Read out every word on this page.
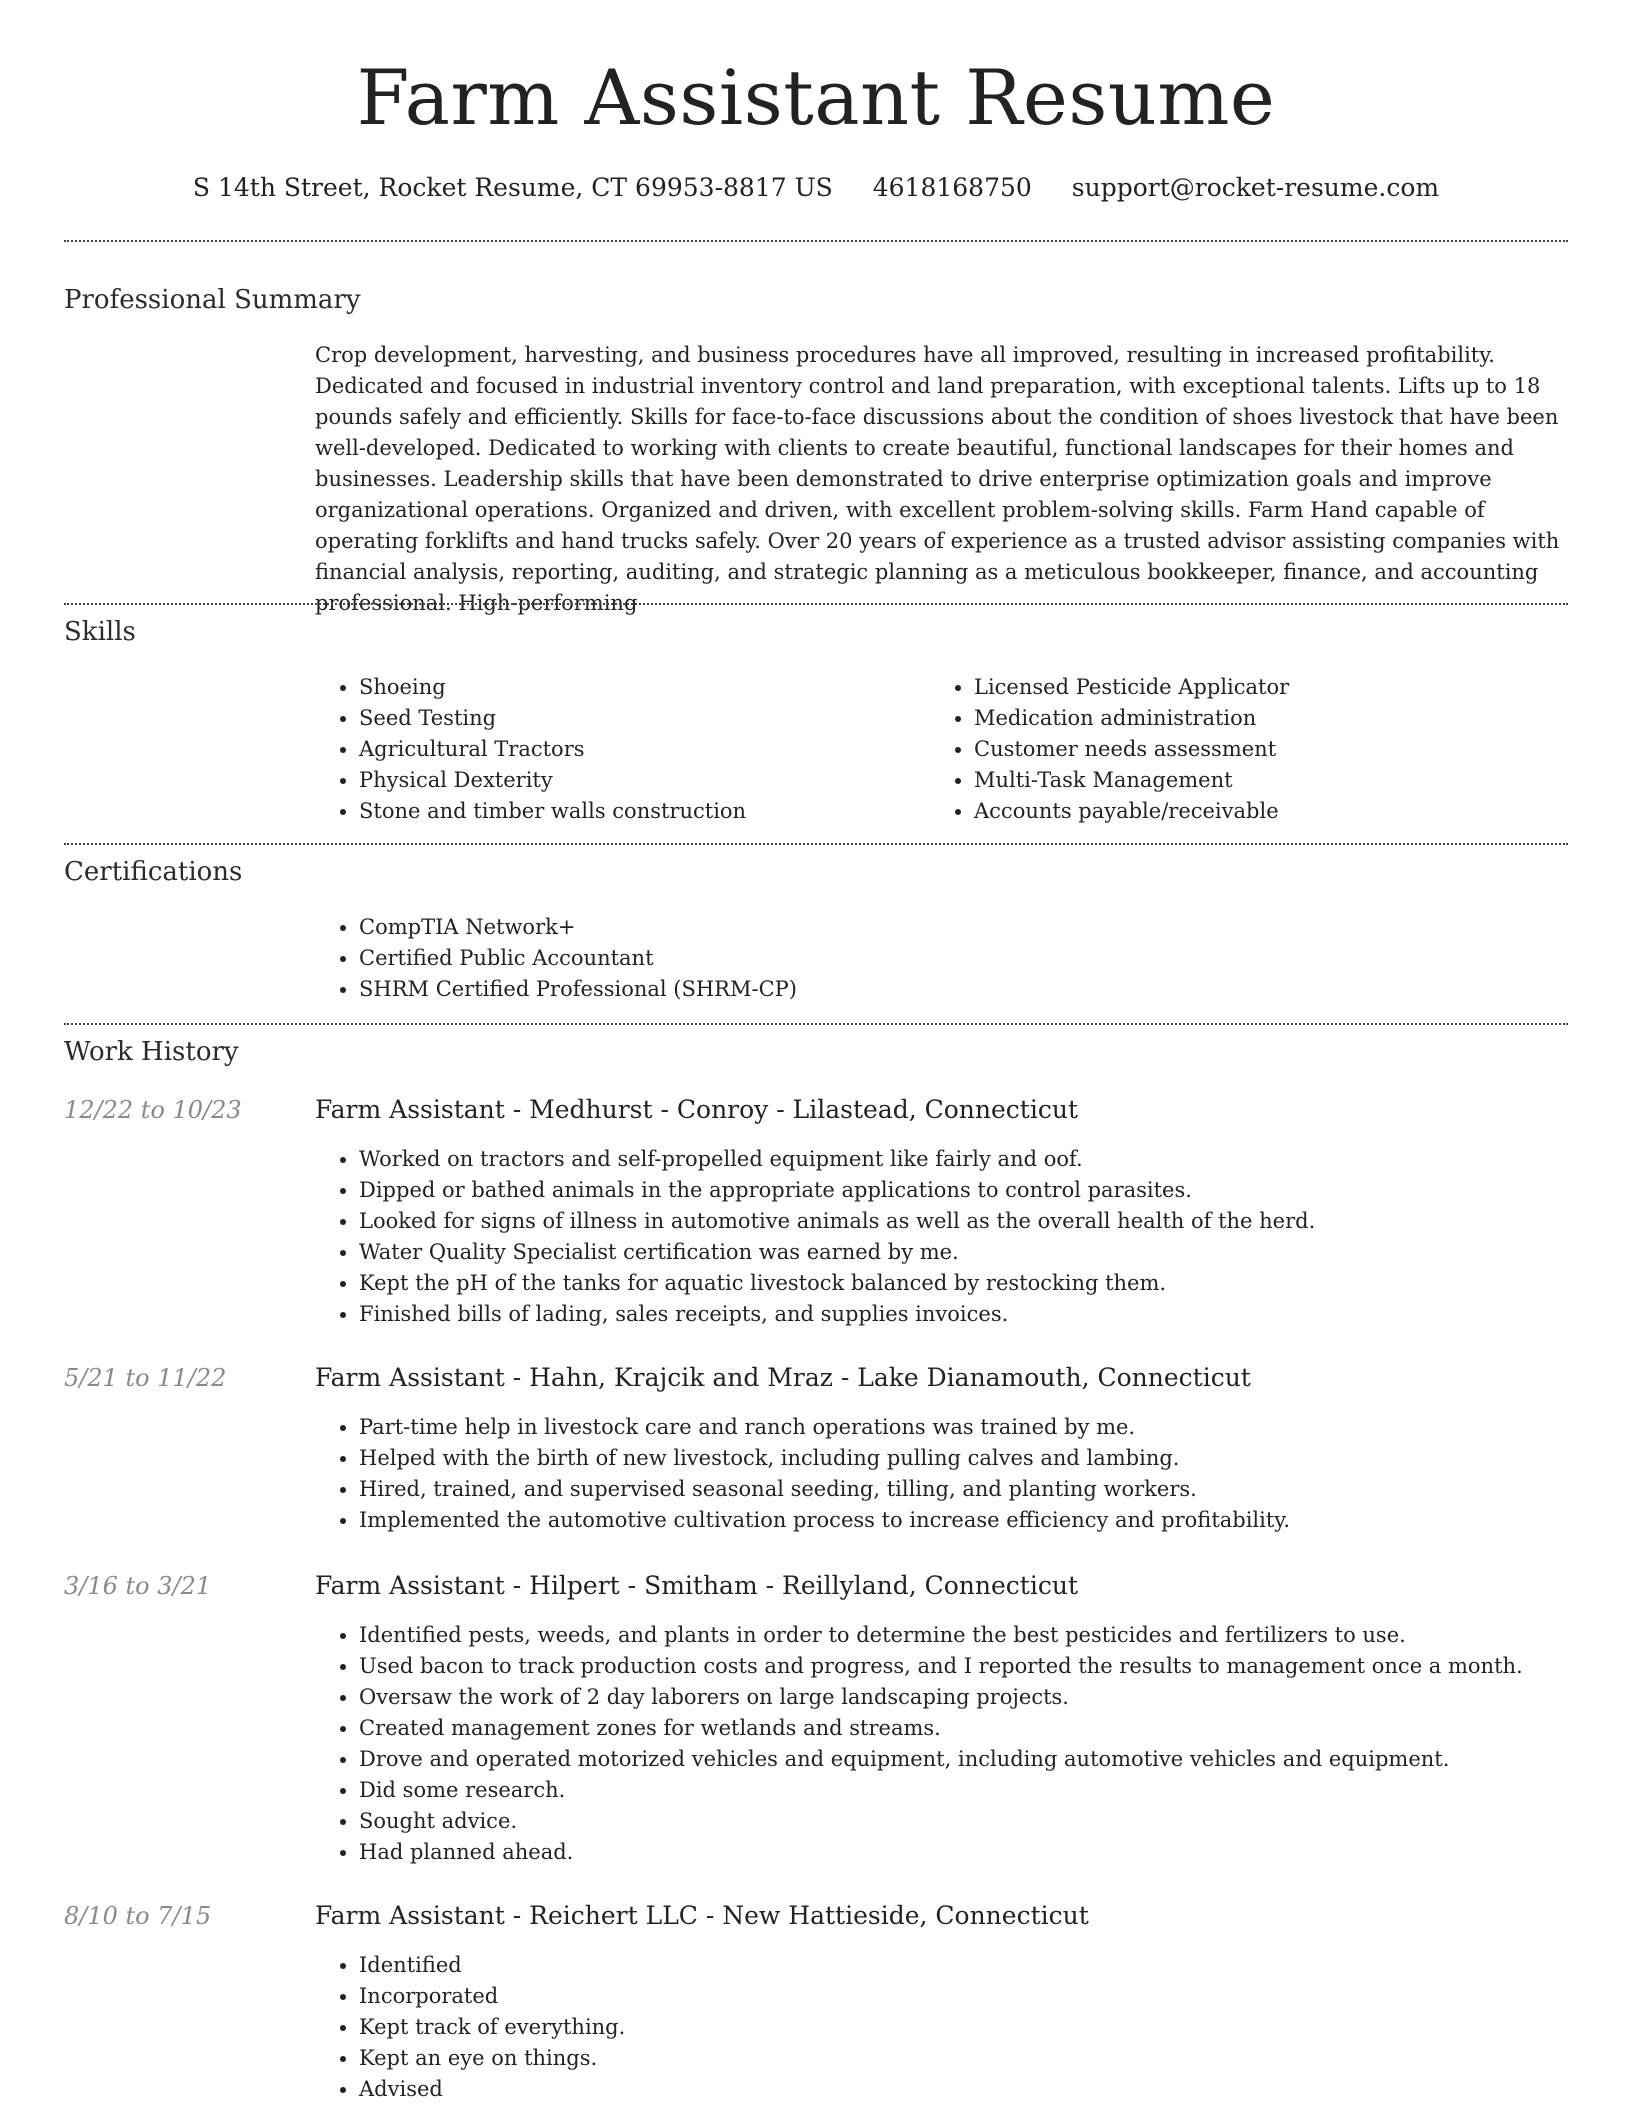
Farm Assistant Resume
S 14th Street, Rocket Resume, CT 69953-8817 US 4618168750 support@rocket-resume.com
Professional Summary

Crop development, harvesting, and business procedures have all improved, resulting in increased profitability. Dedicated and focused in industrial inventory control and land preparation, with exceptional talents. Lifts up to 18 pounds safely and efficiently. Skills for face-to-face discussions about the condition of shoes livestock that have been well-developed. Dedicated to working with clients to create beautiful, functional landscapes for their homes and businesses. Leadership skills that have been demonstrated to drive enterprise optimization goals and improve organizational operations. Organized and driven, with excellent problem-solving skills. Farm Hand capable of operating forklifts and hand trucks safely. Over 20 years of experience as a trusted advisor assisting companies with financial analysis, reporting, auditing, and strategic planning as a meticulous bookkeeper, finance, and accounting professional. High-performing

Skills
• Shoeing
• Seed Testing
• Agricultural Tractors
• Physical Dexterity
• Stone and timber walls construction
• Licensed Pesticide Applicator
• Medication administration
• Customer needs assessment
• Multi-Task Management
• Accounts payable/receivable
Certifications
• CompTIA Network+
• Certified Public Accountant
• SHRM Certified Professional (SHRM-CP)
Work History
12/22 to 10/23	Farm Assistant - Medhurst - Conroy - Lilastead, Connecticut
• Worked on tractors and self-propelled equipment like fairly and oof.
• Dipped or bathed animals in the appropriate applications to control parasites.
• Looked for signs of illness in automotive animals as well as the overall health of the herd.
• Water Quality Specialist certification was earned by me.
• Kept the pH of the tanks for aquatic livestock balanced by restocking them.
• Finished bills of lading, sales receipts, and supplies invoices.
5/21 to 11/22	Farm Assistant - Hahn, Krajcik and Mraz - Lake Dianamouth, Connecticut
• Part-time help in livestock care and ranch operations was trained by me.
• Helped with the birth of new livestock, including pulling calves and lambing.
• Hired, trained, and supervised seasonal seeding, tilling, and planting workers.
• Implemented the automotive cultivation process to increase efficiency and profitability.
3/16 to 3/21	Farm Assistant - Hilpert - Smitham - Reillyland, Connecticut
• Identified pests, weeds, and plants in order to determine the best pesticides and fertilizers to use.
• Used bacon to track production costs and progress, and I reported the results to management once a month.
• Oversaw the work of 2 day laborers on large landscaping projects.
• Created management zones for wetlands and streams.
• Drove and operated motorized vehicles and equipment, including automotive vehicles and equipment.
• Did some research.
• Sought advice.
• Had planned ahead.
8/10 to 7/15	Farm Assistant - Reichert LLC - New Hattieside, Connecticut
• Identified
• Incorporated
• Kept track of everything.
• Kept an eye on things.
• Advised
